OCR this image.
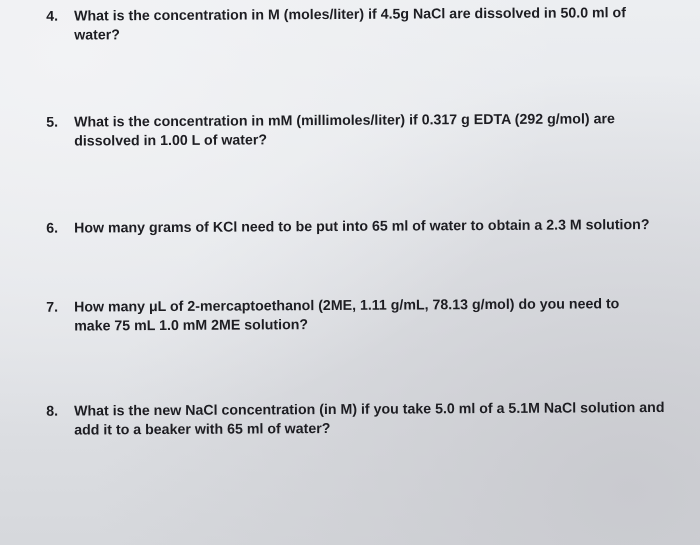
4. What is the concentration in M (moles/liter) if 4.5g NaCl are dissolved in 50.0 ml of
water?
5. What is the concentration in mM (millimoles/liter) if 0.317 g EDTA (292 g/mol) are
dissolved in 1.00 L of water?
6. How many grams of KCl need to be put into 65 ml of water to obtain a 2.3 M solution?
7. How many μL of 2-mercaptoethanol (2ME, 1.11 g/mL, 78.13 g/mol) do you need to
make 75 mL 1.0 mM 2ME solution?
8. What is the new NaCl concentration (in M) if you take 5.0 ml of a 5.1M NaCl solution and
add it to a beaker with 65 ml of water?
